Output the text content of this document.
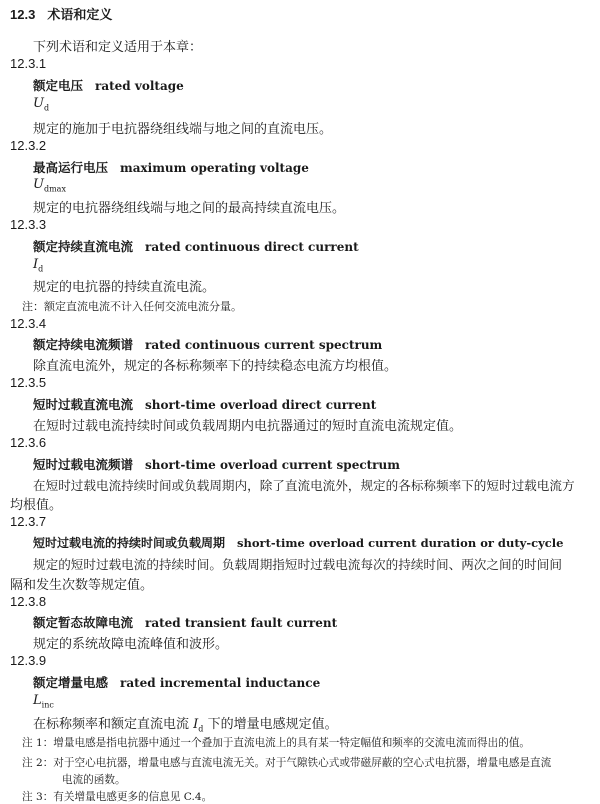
12.3 术语和定义
下列术语和定义适用于本章：
12.3.1
额定电压 rated voltage
$U_d$
规定的施加于电抗器绕组线端与地之间的直流电压。
12.3.2
最高运行电压 maximum operating voltage
$U_{dmax}$
规定的电抗器绕组线端与地之间的最高持续直流电压。
12.3.3
额定持续直流电流 rated continuous direct current
$I_d$
规定的电抗器的持续直流电流。
注：额定直流电流不计入任何交流电流分量。
12.3.4
额定持续电流频谱 rated continuous current spectrum
除直流电流外，规定的各标称频率下的持续稳态电流方均根值。
12.3.5
短时过载直流电流 short-time overload direct current
在短时过载电流持续时间或负载周期内电抗器通过的短时直流电流规定值。
12.3.6
短时过载电流频谱 short-time overload current spectrum
在短时过载电流持续时间或负载周期内，除了直流电流外，规定的各标称频率下的短时过载电流方
均根值。
12.3.7
短时过载电流的持续时间或负载周期 short-time overload current duration or duty-cycle
规定的短时过载电流的持续时间。负载周期指短时过载电流每次的持续时间、两次之间的时间间
隔和发生次数等规定值。
12.3.8
额定暂态故障电流 rated transient fault current
规定的系统故障电流峰值和波形。
12.3.9
额定增量电感 rated incremental inductance
$L_{inc}$
在标称频率和额定直流电流 $I_d$ 下的增量电感规定值。
注 1：增量电感是指电抗器中通过一个叠加于直流电流上的具有某一特定幅值和频率的交流电流而得出的值。
注 2：对于空心电抗器，增量电感与直流电流无关。对于气隙铁心式或带磁屏蔽的空心式电抗器，增量电感是直流
电流的函数。
注 3：有关增量电感更多的信息见 C.4。
